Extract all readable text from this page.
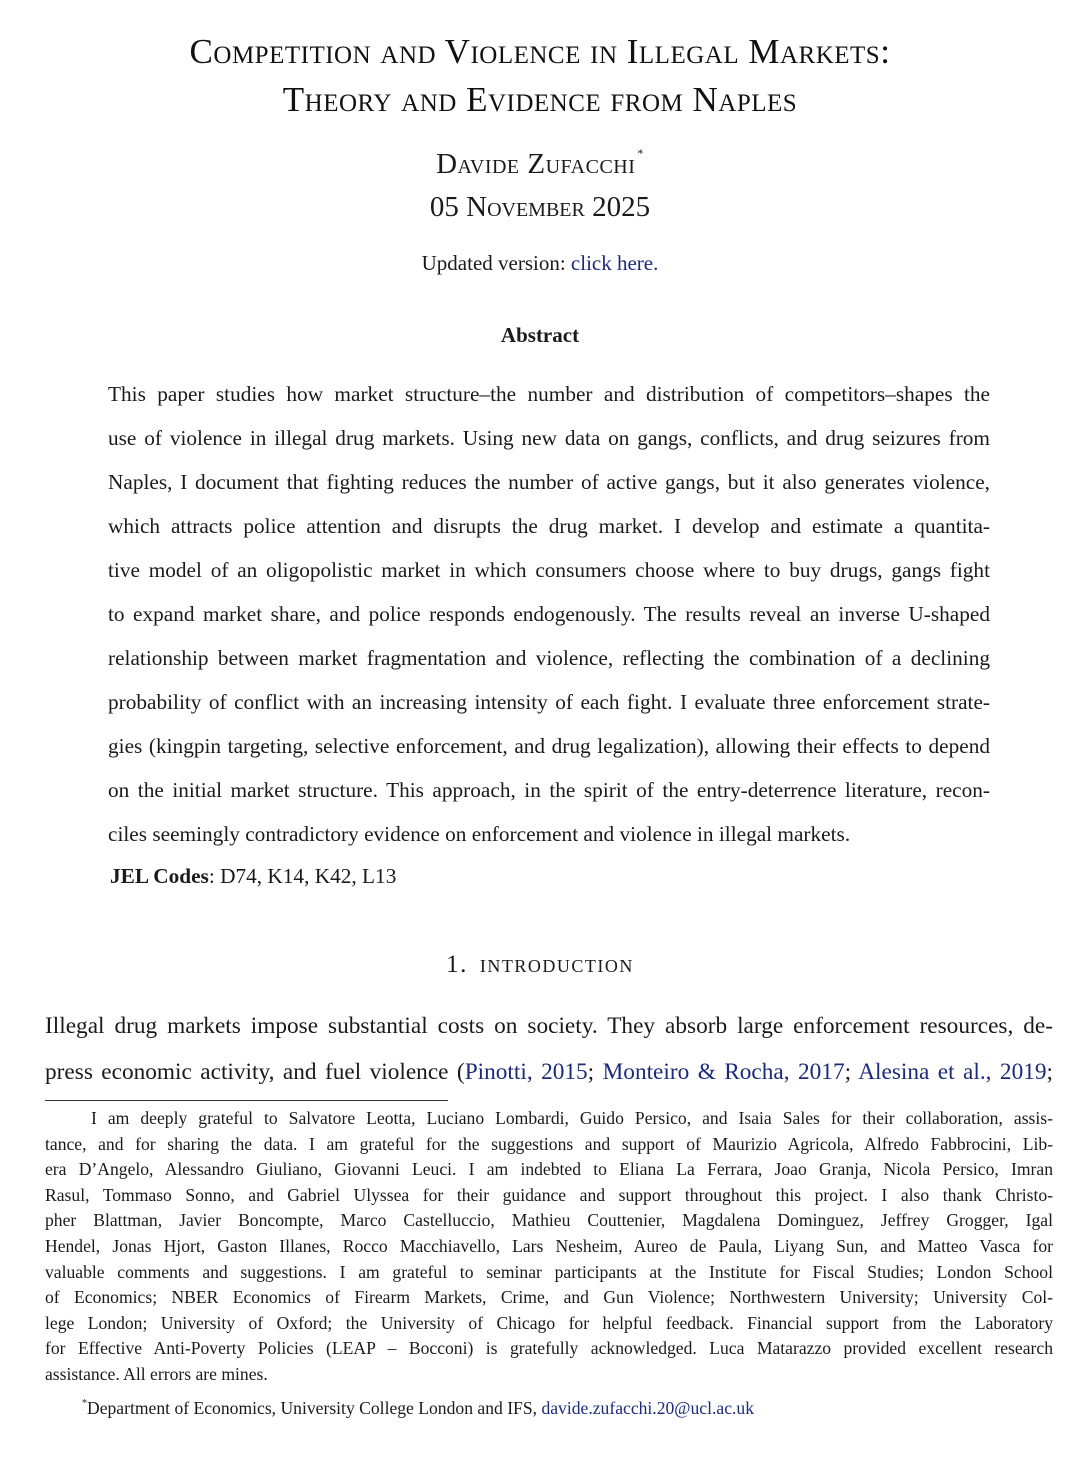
Competition and Violence in Illegal Markets:
Theory and Evidence from Naples
Davide Zufacchi *
05 November 2025
Updated version: click here.
Abstract
This paper studies how market structure–the number and distribution of competitors–shapes the
use of violence in illegal drug markets. Using new data on gangs, conflicts, and drug seizures from
Naples, I document that fighting reduces the number of active gangs, but it also generates violence,
which attracts police attention and disrupts the drug market. I develop and estimate a quantita-
tive model of an oligopolistic market in which consumers choose where to buy drugs, gangs fight
to expand market share, and police responds endogenously. The results reveal an inverse U-shaped
relationship between market fragmentation and violence, reflecting the combination of a declining
probability of conflict with an increasing intensity of each fight. I evaluate three enforcement strate-
gies (kingpin targeting, selective enforcement, and drug legalization), allowing their effects to depend
on the initial market structure. This approach, in the spirit of the entry-deterrence literature, recon-
ciles seemingly contradictory evidence on enforcement and violence in illegal markets.
JEL Codes: D74, K14, K42, L13
1. introduction
Illegal drug markets impose substantial costs on society. They absorb large enforcement resources, de-
press economic activity, and fuel violence (Pinotti, 2015; Monteiro & Rocha, 2017; Alesina et al., 2019;
I am deeply grateful to Salvatore Leotta, Luciano Lombardi, Guido Persico, and Isaia Sales for their collaboration, assis-
tance, and for sharing the data. I am grateful for the suggestions and support of Maurizio Agricola, Alfredo Fabbrocini, Lib-
era D’Angelo, Alessandro Giuliano, Giovanni Leuci. I am indebted to Eliana La Ferrara, Joao Granja, Nicola Persico, Imran
Rasul, Tommaso Sonno, and Gabriel Ulyssea for their guidance and support throughout this project. I also thank Christo-
pher Blattman, Javier Boncompte, Marco Castelluccio, Mathieu Couttenier, Magdalena Dominguez, Jeffrey Grogger, Igal
Hendel, Jonas Hjort, Gaston Illanes, Rocco Macchiavello, Lars Nesheim, Aureo de Paula, Liyang Sun, and Matteo Vasca for
valuable comments and suggestions. I am grateful to seminar participants at the Institute for Fiscal Studies; London School
of Economics; NBER Economics of Firearm Markets, Crime, and Gun Violence; Northwestern University; University Col-
lege London; University of Oxford; the University of Chicago for helpful feedback. Financial support from the Laboratory
for Effective Anti-Poverty Policies (LEAP – Bocconi) is gratefully acknowledged. Luca Matarazzo provided excellent research
assistance. All errors are mines.
*Department of Economics, University College London and IFS, davide.zufacchi.20@ucl.ac.uk
